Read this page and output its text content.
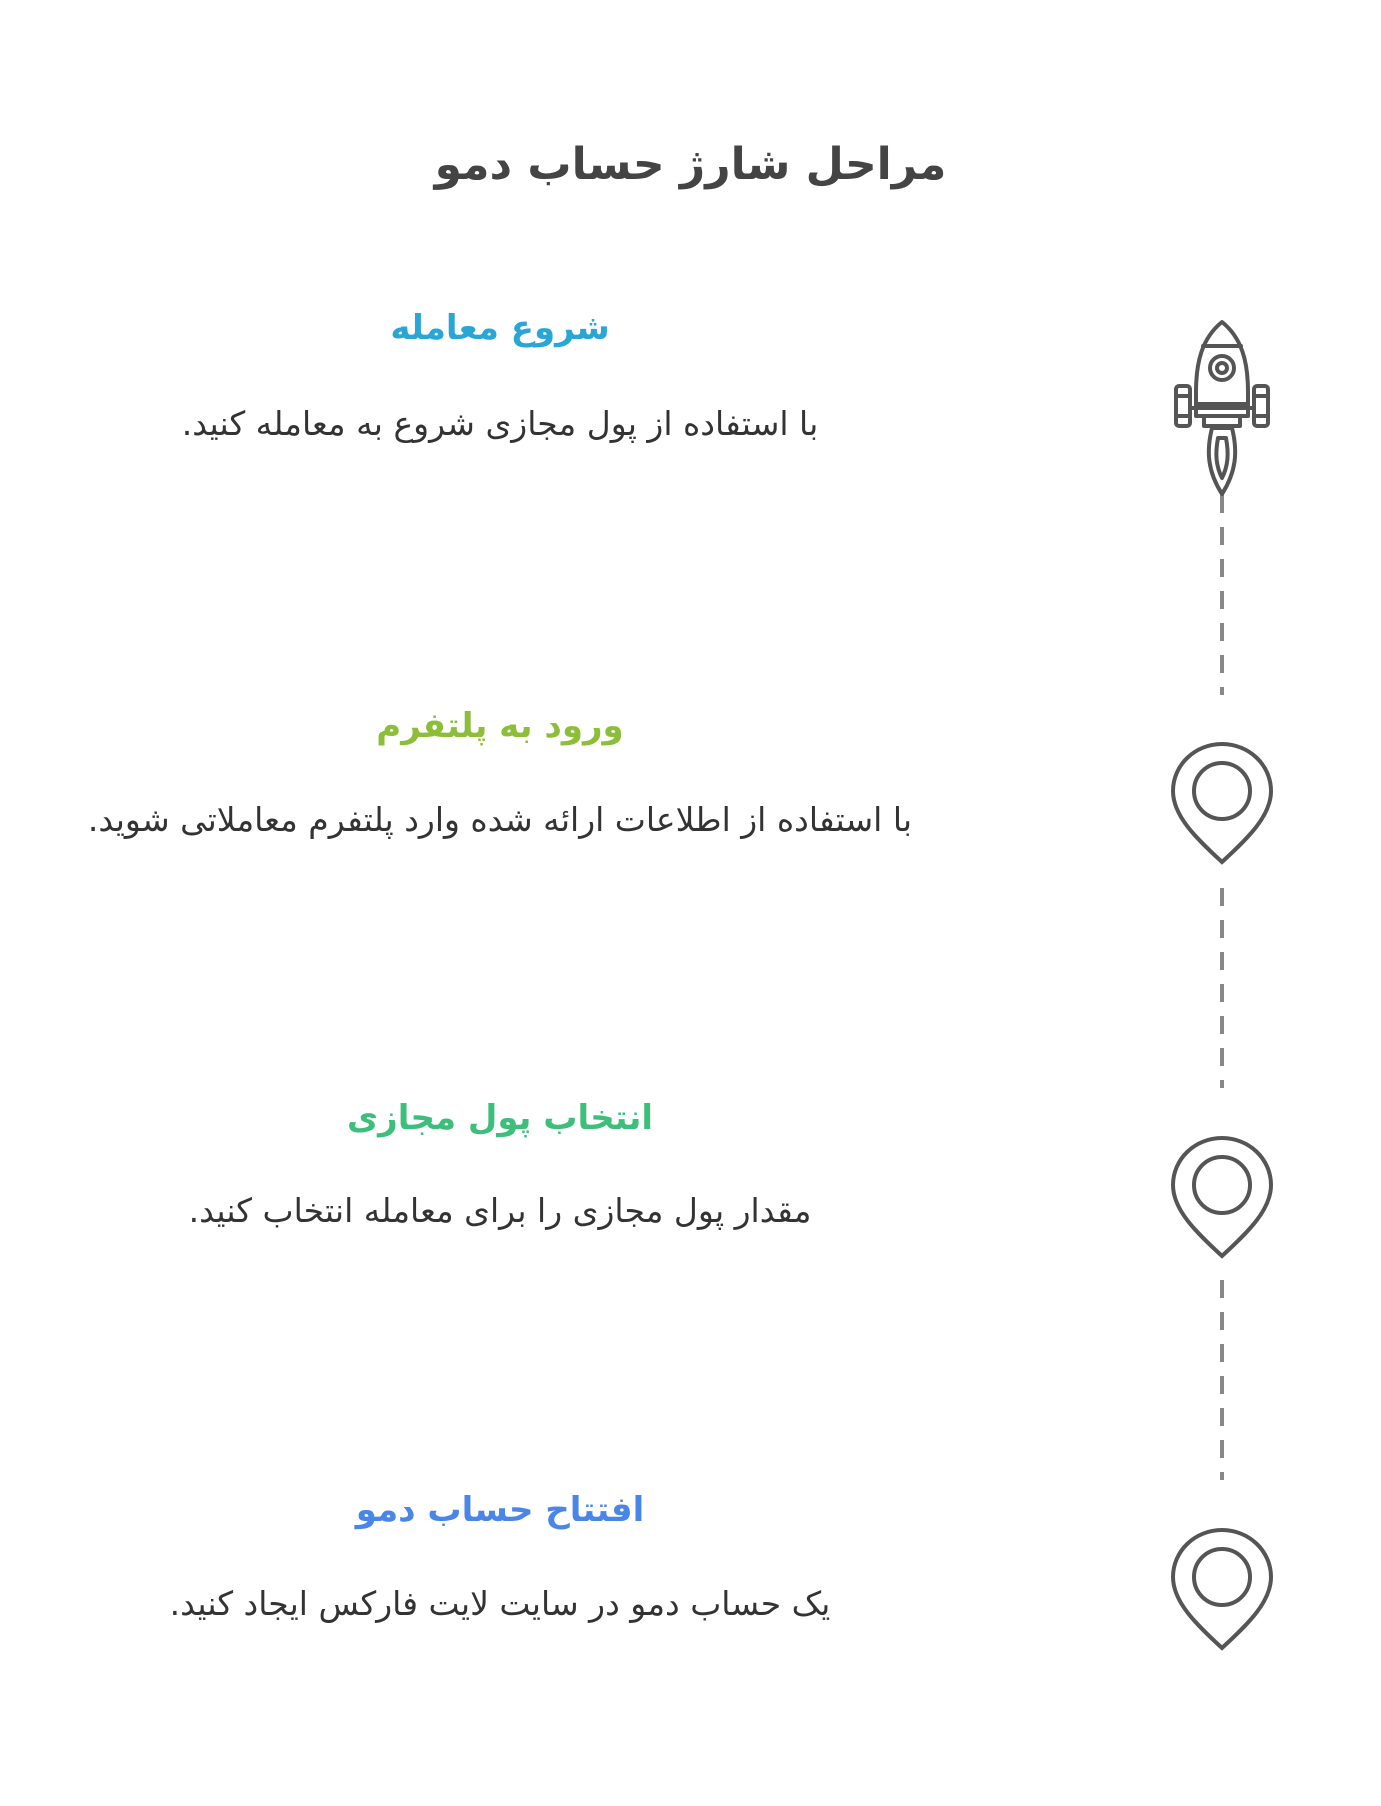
مراحل شارژ حساب دمو
شروع معامله
با استفاده از پول مجازی شروع به معامله کنید.
ورود به پلتفرم
با استفاده از اطلاعات ارائه شده وارد پلتفرم معاملاتی شوید.
انتخاب پول مجازی
مقدار پول مجازی را برای معامله انتخاب کنید.
افتتاح حساب دمو
یک حساب دمو در سایت لایت فارکس ایجاد کنید.
